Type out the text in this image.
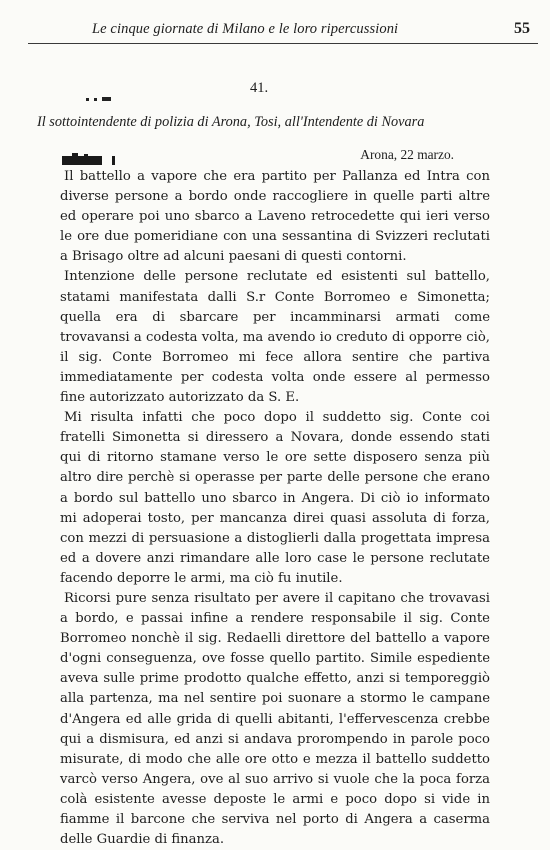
Le cinque giornate di Milano e le loro ripercussioni	55
41.
Il sottointendente di polizia di Arona, Tosi, all'Intendente di Novara
Arona, 22 marzo.

Il battello a vapore che era partito per Pallanza ed Intra con diverse persone a bordo onde raccogliere in quelle parti altre ed operare poi uno sbarco a Laveno retrocedette qui ieri verso le ore due pomeridiane con una sessantina di Svizzeri reclutati a Brisago oltre ad alcuni paesani di questi contorni.

Intenzione delle persone reclutate ed esistenti sul battello, statami manifestata dalli S.r Conte Borromeo e Simonetta; quella era di sbarcare per incamminarsi armati come trovavansi a codesta volta, ma avendo io creduto di opporre ciò, il sig. Conte Borromeo mi fece allora sentire che partiva immediatamente per codesta volta onde essere al permesso fine autorizzato autorizzato da S. E.

Mi risulta infatti che poco dopo il suddetto sig. Conte coi fratelli Simonetta si diressero a Novara, donde essendo stati qui di ritorno stamane verso le ore sette disposero senza più altro dire perchè si operasse per parte delle persone che erano a bordo sul battello uno sbarco in Angera. Di ciò io informato mi adoperai tosto, per mancanza direi quasi assoluta di forza, con mezzi di persuasione a distoglierli dalla progettata impresa ed a dovere anzi rimandare alle loro case le persone reclutate facendo deporre le armi, ma ciò fu inutile.

Ricorsi pure senza risultato per avere il capitano che trovavasi a bordo, e passai infine a rendere responsabile il sig. Conte Borromeo nonchè il sig. Redaelli direttore del battello a vapore d'ogni conseguenza, ove fosse quello partito. Simile espediente aveva sulle prime prodotto qualche effetto, anzi si temporeggiò alla partenza, ma nel sentire poi suonare a stormo le campane d'Angera ed alle grida di quelli abitanti, l'effervescenza crebbe qui a dismisura, ed anzi si andava prorompendo in parole poco misurate, di modo che alle ore otto e mezza il battello suddetto varcò verso Angera, ove al suo arrivo si vuole che la poca forza colà esistente avesse deposte le armi e poco dopo si vide in fiamme il barcone che serviva nel porto di Angera a caserma delle Guardie di finanza.
